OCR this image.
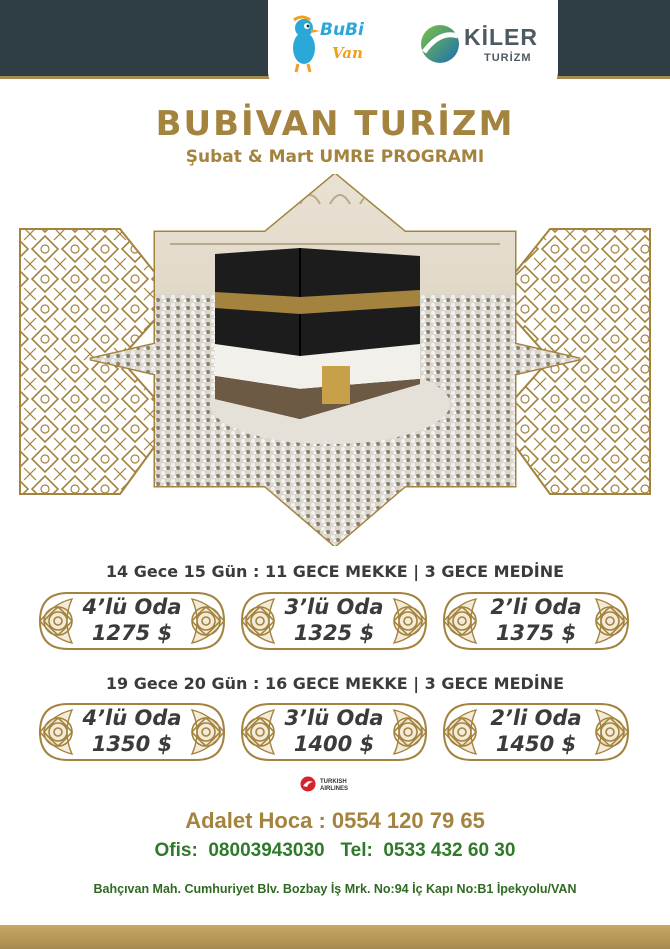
BuBi
Van
KİLER
TURİZM
BUBİVAN TURİZM
Şubat & Mart UMRE PROGRAMI
14 Gece 15 Gün : 11 GECE MEKKE | 3 GECE MEDİNE
19 Gece 20 Gün : 16 GECE MEKKE | 3 GECE MEDİNE
4’lü Oda
1275 $
3’lü Oda
1325 $
2’li Oda
1375 $
4’lü Oda
1350 $
3’lü Oda
1400 $
2’li Oda
1450 $
TURKISH
AIRLINES
Adalet Hoca : 0554 120 79 65
Ofis:  08003943030   Tel:  0533 432 60 30
Bahçıvan Mah. Cumhuriyet Blv. Bozbay İş Mrk. No:94 İç Kapı No:B1 İpekyolu/VAN
